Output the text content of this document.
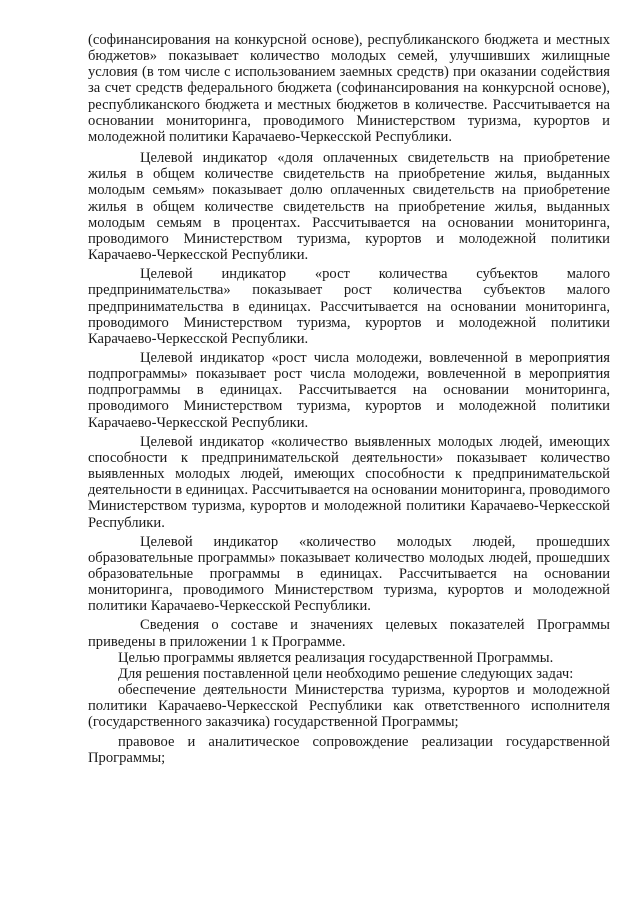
(софинансирования на конкурсной основе), республиканского бюджета и местных бюджетов» показывает количество молодых семей, улучшивших жилищные условия (в том числе с использованием заемных средств) при оказании содействия за счет средств федерального бюджета (софинансирования на конкурсной основе), республиканского бюджета и местных бюджетов в количестве. Рассчитывается на основании мониторинга, проводимого Министерством туризма, курортов и молодежной политики Карачаево-Черкесской Республики.

Целевой индикатор «доля оплаченных свидетельств на приобретение жилья в общем количестве свидетельств на приобретение жилья, выданных молодым семьям» показывает долю оплаченных свидетельств на приобретение жилья в общем количестве свидетельств на приобретение жилья, выданных молодым семьям в процентах. Рассчитывается на основании мониторинга, проводимого Министерством туризма, курортов и молодежной политики Карачаево-Черкесской Республики.

Целевой индикатор «рост количества субъектов малого предпринимательства» показывает рост количества субъектов малого предпринимательства в единицах. Рассчитывается на основании мониторинга, проводимого Министерством туризма, курортов и молодежной политики Карачаево-Черкесской Республики.

Целевой индикатор «рост числа молодежи, вовлеченной в мероприятия подпрограммы» показывает рост числа молодежи, вовлеченной в мероприятия подпрограммы в единицах. Рассчитывается на основании мониторинга, проводимого Министерством туризма, курортов и молодежной политики Карачаево-Черкесской Республики.

Целевой индикатор «количество выявленных молодых людей, имеющих способности к предпринимательской деятельности» показывает количество выявленных молодых людей, имеющих способности к предпринимательской деятельности в единицах. Рассчитывается на основании мониторинга, проводимого Министерством туризма, курортов и молодежной политики Карачаево-Черкесской Республики.

Целевой индикатор «количество молодых людей, прошедших образовательные программы» показывает количество молодых людей, прошедших образовательные программы в единицах. Рассчитывается на основании мониторинга, проводимого Министерством туризма, курортов и молодежной политики Карачаево-Черкесской Республики.

Сведения о составе и значениях целевых показателей Программы приведены в приложении 1 к Программе.

Целью программы является реализация государственной Программы.

Для решения поставленной цели необходимо решение следующих задач:

обеспечение деятельности Министерства туризма, курортов и молодежной политики Карачаево-Черкесской Республики как ответственного исполнителя (государственного заказчика) государственной Программы;

правовое и аналитическое сопровождение реализации государственной Программы;
